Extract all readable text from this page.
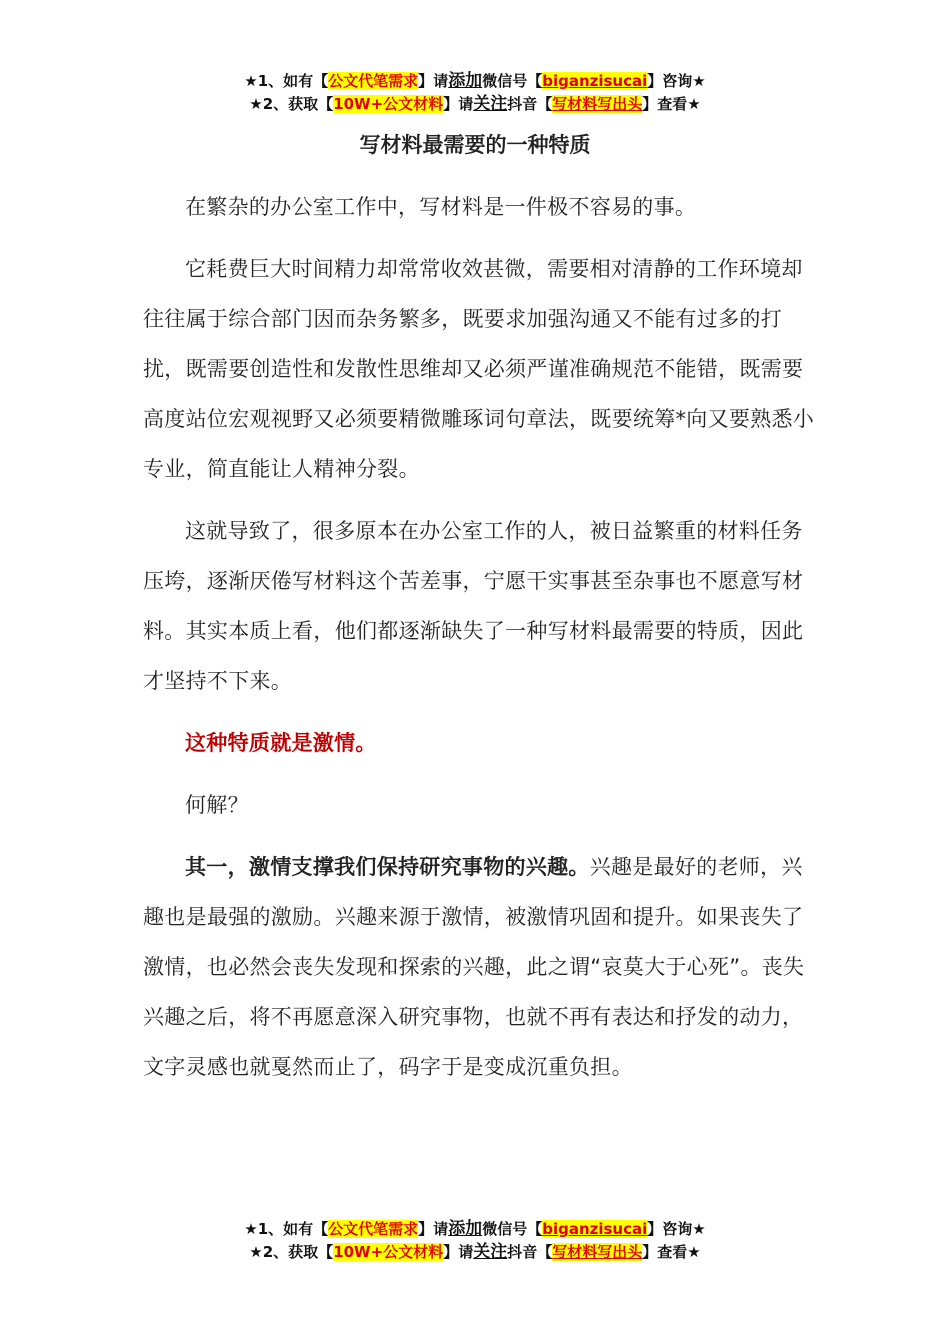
★1、如有【公文代笔需求】请添加微信号【biganzisucai】咨询★
★2、获取【10W+公文材料】请关注抖音【写材料写出头】查看★
写材料最需要的一种特质

在繁杂的办公室工作中，写材料是一件极不容易的事。

它耗费巨大时间精力却常常收效甚微，需要相对清静的工作环境却往往属于综合部门因而杂务繁多，既要求加强沟通又不能有过多的打扰，既需要创造性和发散性思维却又必须严谨准确规范不能错，既需要高度站位宏观视野又必须要精微雕琢词句章法，既要统筹*向又要熟悉小专业，简直能让人精神分裂。

这就导致了，很多原本在办公室工作的人，被日益繁重的材料任务压垮，逐渐厌倦写材料这个苦差事，宁愿干实事甚至杂事也不愿意写材料。其实本质上看，他们都逐渐缺失了一种写材料最需要的特质，因此才坚持不下来。

这种特质就是激情。

何解？

其一，激情支撑我们保持研究事物的兴趣。兴趣是最好的老师，兴趣也是最强的激励。兴趣来源于激情，被激情巩固和提升。如果丧失了激情，也必然会丧失发现和探索的兴趣，此之谓“哀莫大于心死”。丧失兴趣之后，将不再愿意深入研究事物，也就不再有表达和抒发的动力，文字灵感也就戛然而止了，码字于是变成沉重负担。

★1、如有【公文代笔需求】请添加微信号【biganzisucai】咨询★
★2、获取【10W+公文材料】请关注抖音【写材料写出头】查看★
